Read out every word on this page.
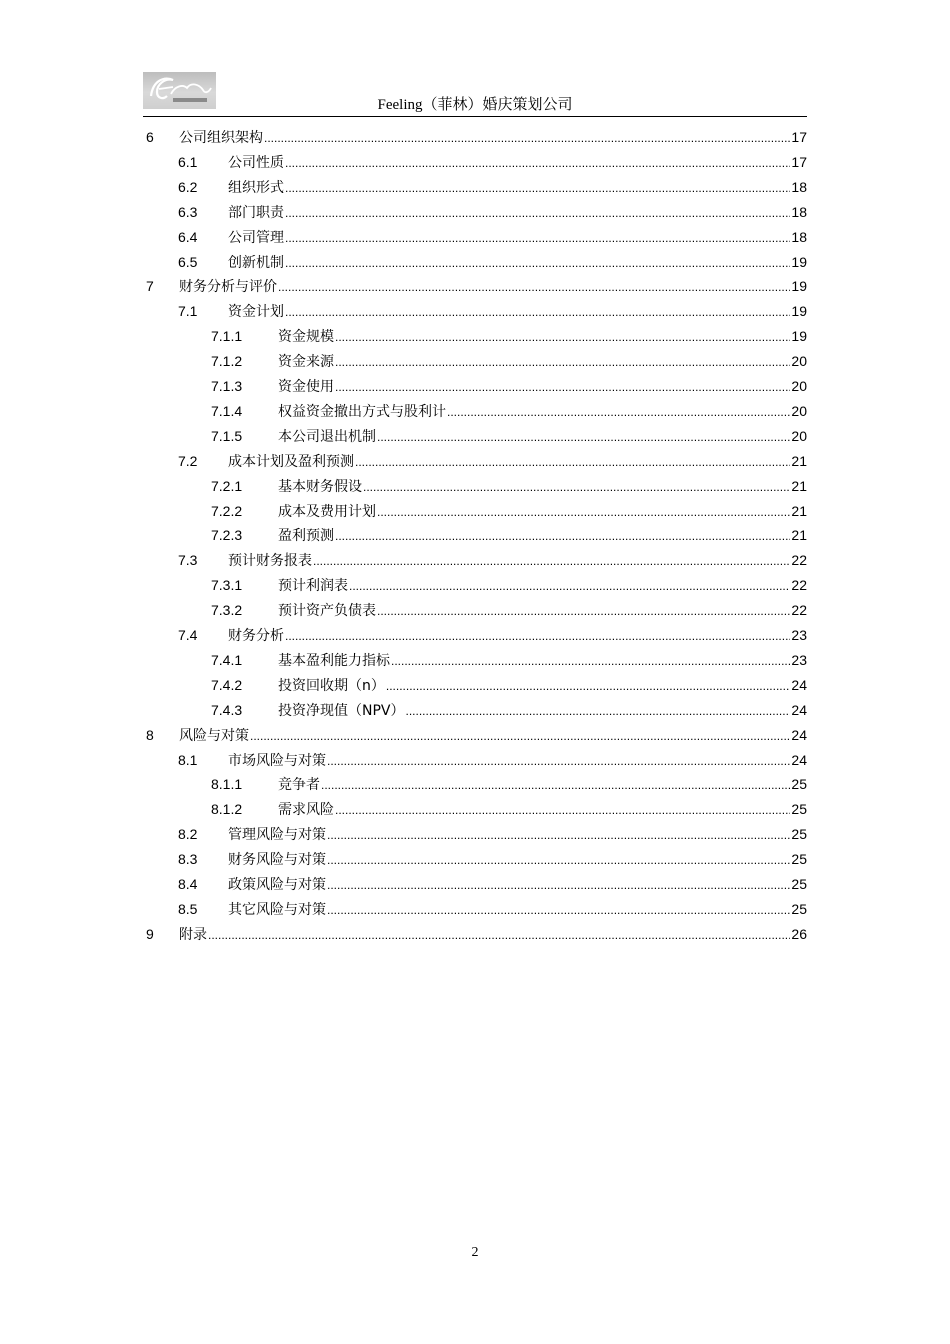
Feeling（菲林）婚庆策划公司
6 公司组织架构 .....	17
6.1 公司性质 .....	17
6.2 组织形式 .....	18
6.3 部门职责 .....	18
6.4 公司管理 .....	18
6.5 创新机制 .....	19
7 财务分析与评价 .....	19
7.1 资金计划 .....	19
7.1.1	资金规模 .....	19
7.1.2	资金来源 .....	20
7.1.3	资金使用 .....	20
7.1.4	权益资金撤出方式与股利计 .....	20
7.1.5	本公司退出机制 .....	20
7.2 成本计划及盈利预测 .....	21
7.2.1	基本财务假设 .....	21
7.2.2	成本及费用计划 .....	21
7.2.3	盈利预测 .....	21
7.3 预计财务报表 .....	22
7.3.1	预计利润表 .....	22
7.3.2	预计资产负债表 .....	22
7.4 财务分析 .....	23
7.4.1	基本盈利能力指标 .....	23
7.4.2	投资回收期（n） .....	24
7.4.3	投资净现值（NPV） .....	24
8 风险与对策 .....	24
8.1 市场风险与对策 .....	24
8.1.1	竞争者 .....	25
8.1.2	需求风险 .....	25
8.2 管理风险与对策 .....	25
8.3 财务风险与对策 .....	25
8.4 政策风险与对策 .....	25
8.5 其它风险与对策 .....	25
9 附录 .....	26
2
